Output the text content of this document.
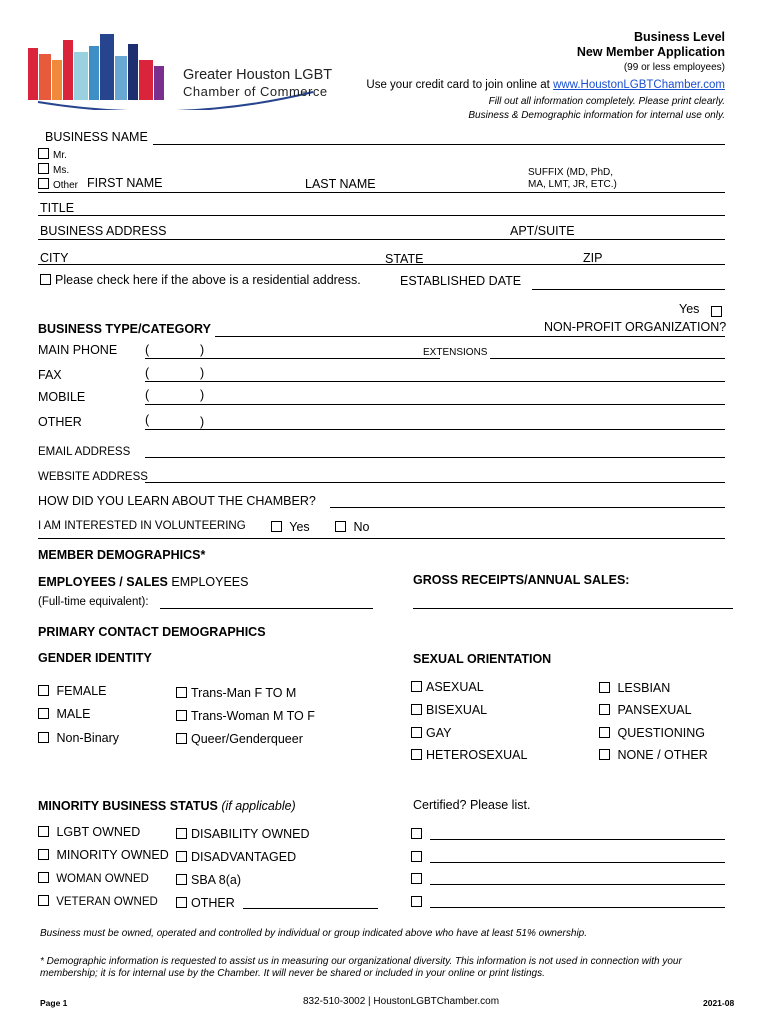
Greater Houston LGBT
Chamber of Commerce
Business Level
New Member Application
(99 or less employees)
Use your credit card to join online at www.HoustonLGBTChamber.com
Fill out all information completely. Please print clearly.
Business & Demographic information for internal use only.
BUSINESS NAME
Mr.
Ms.
Other FIRST NAME	LAST NAME
SUFFIX (MD, PhD,
MA, LMT, JR, ETC.)
TITLE
BUSINESS ADDRESS	APT/SUITE
CITY	STATE	ZIP
Please check here if the above is a residential address.	ESTABLISHED DATE
Yes
NON-PROFIT ORGANIZATION?
BUSINESS TYPE/CATEGORY
MAIN PHONE (	)	EXTENSIONS
FAX	(	)
MOBILE	(	)
OTHER	(	)
EMAIL ADDRESS
WEBSITE ADDRESS
HOW DID YOU LEARN ABOUT THE CHAMBER?
I AM INTERESTED IN VOLUNTEERING	Yes	No
MEMBER DEMOGRAPHICS*
EMPLOYEES / SALES EMPLOYEES
(Full-time equivalent):
GROSS RECEIPTS/ANNUAL SALES:
PRIMARY CONTACT DEMOGRAPHICS
GENDER IDENTITY	SEXUAL ORIENTATION
FEMALE
MALE
Non-Binary
Trans-Man F TO M
Trans-Woman M TO F
Queer/Genderqueer
ASEXUAL
BISEXUAL
GAY
HETEROSEXUAL
LESBIAN
PANSEXUAL
QUESTIONING
NONE / OTHER
MINORITY BUSINESS STATUS (if applicable)	Certified? Please list.
LGBT OWNED
MINORITY OWNED
WOMAN OWNED
VETERAN OWNED
DISABILITY OWNED
DISADVANTAGED
SBA 8(a)
OTHER
Business must be owned, operated and controlled by individual or group indicated above who have at least 51% ownership.
* Demographic information is requested to assist us in measuring our organizational diversity. This information is not used in connection with your
membership; it is for internal use by the Chamber. It will never be shared or included in your online or print listings.
Page 1	832-510-3002 | HoustonLGBTChamber.com	2021-08
